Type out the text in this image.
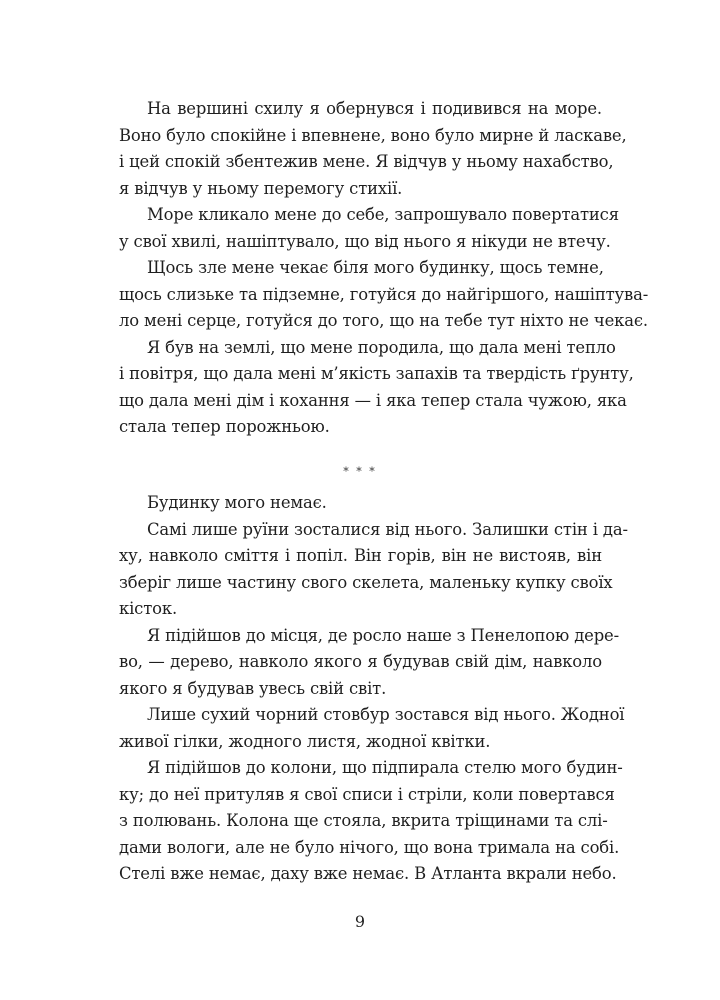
На вершині схилу я обернувся і подивився на море.
Воно було спокійне і впевнене, воно було мирне й ласкаве,
і цей спокій збентежив мене. Я відчув у ньому нахабство,
я відчув у ньому перемогу стихії.
Море кликало мене до себе, запрошувало повертатися
у свої хвилі, нашіптувало, що від нього я нікуди не втечу.
Щось зле мене чекає біля мого будинку, щось темне,
щось слизьке та підземне, готуйся до найгіршого, нашіптува-
ло мені серце, готуйся до того, що на тебе тут ніхто не чекає.
Я був на землі, що мене породила, що дала мені тепло
і повітря, що дала мені м’якість запахів та твердість ґрунту,
що дала мені дім і кохання — і яка тепер стала чужою, яка
стала тепер порожньою.
* * *
Будинку мого немає.
Самі лише руїни зосталися від нього. Залишки стін і да-
ху, навколо сміття і попіл. Він горів, він не вистояв, він
зберіг лише частину свого скелета, маленьку купку своїх
кісток.
Я підійшов до місця, де росло наше з Пенелопою дере-
во, — дерево, навколо якого я будував свій дім, навколо
якого я будував увесь свій світ.
Лише сухий чорний стовбур зостався від нього. Жодної
живої гілки, жодного листя, жодної квітки.
Я підійшов до колони, що підпирала стелю мого будин-
ку; до неї притуляв я свої списи і стріли, коли повертався
з полювань. Колона ще стояла, вкрита тріщинами та слі-
дами вологи, але не було нічого, що вона тримала на собі.
Стелі вже немає, даху вже немає. В Атланта вкрали небо.
9
